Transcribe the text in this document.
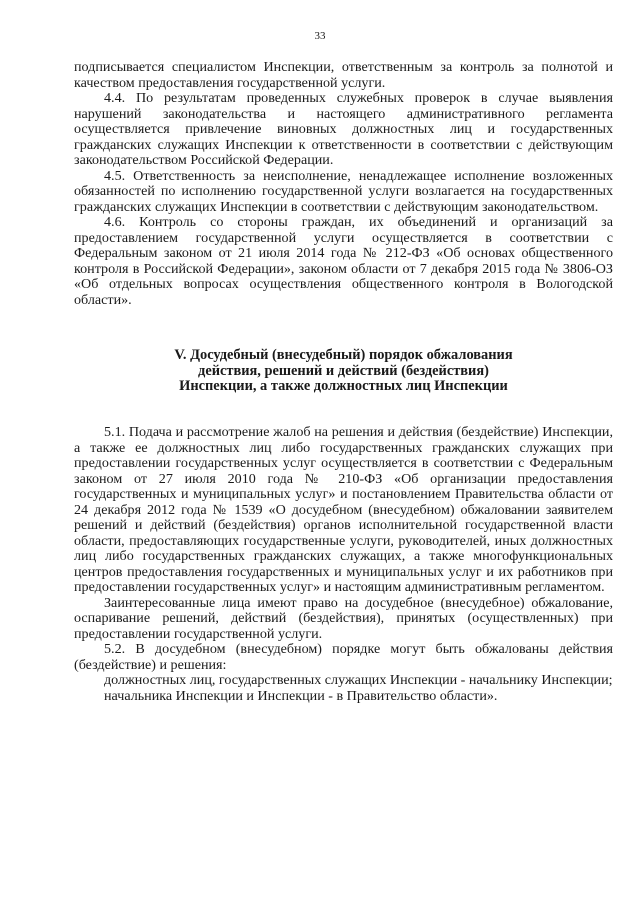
33

подписывается специалистом Инспекции, ответственным за контроль за полнотой и качеством предоставления государственной услуги.

4.4. По результатам проведенных служебных проверок в случае выявления нарушений законодательства и настоящего административного регламента осуществляется привлечение виновных должностных лиц и государственных гражданских служащих Инспекции к ответственности в соответствии с действующим законодательством Российской Федерации.

4.5. Ответственность за неисполнение, ненадлежащее исполнение возложенных обязанностей по исполнению государственной услуги возлагается на государственных гражданских служащих Инспекции в соответствии с действующим законодательством.

4.6. Контроль со стороны граждан, их объединений и организаций за предоставлением государственной услуги осуществляется в соответствии с Федеральным законом от 21 июля 2014 года № 212-ФЗ «Об основах общественного контроля в Российской Федерации», законом области от 7 декабря 2015 года № 3806-ОЗ «Об отдельных вопросах осуществления общественного контроля в Вологодской области».

V. Досудебный (внесудебный) порядок обжалования
действия, решений и действий (бездействия)
Инспекции, а также должностных лиц Инспекции

5.1. Подача и рассмотрение жалоб на решения и действия (бездействие) Инспекции, а также ее должностных лиц либо государственных гражданских служащих при предоставлении государственных услуг осуществляется в соответствии с Федеральным законом от 27 июля 2010 года № 210-ФЗ «Об организации предоставления государственных и муниципальных услуг» и постановлением Правительства области от 24 декабря 2012 года № 1539 «О досудебном (внесудебном) обжаловании заявителем решений и действий (бездействия) органов исполнительной государственной власти области, предоставляющих государственные услуги, руководителей, иных должностных лиц либо государственных гражданских служащих, а также многофункциональных центров предоставления государственных и муниципальных услуг и их работников при предоставлении государственных услуг» и настоящим административным регламентом.

Заинтересованные лица имеют право на досудебное (внесудебное) обжалование, оспаривание решений, действий (бездействия), принятых (осуществленных) при предоставлении государственной услуги.

5.2. В досудебном (внесудебном) порядке могут быть обжалованы действия (бездействие) и решения:

должностных лиц, государственных служащих Инспекции - начальнику Инспекции;

начальника Инспекции и Инспекции - в Правительство области».
